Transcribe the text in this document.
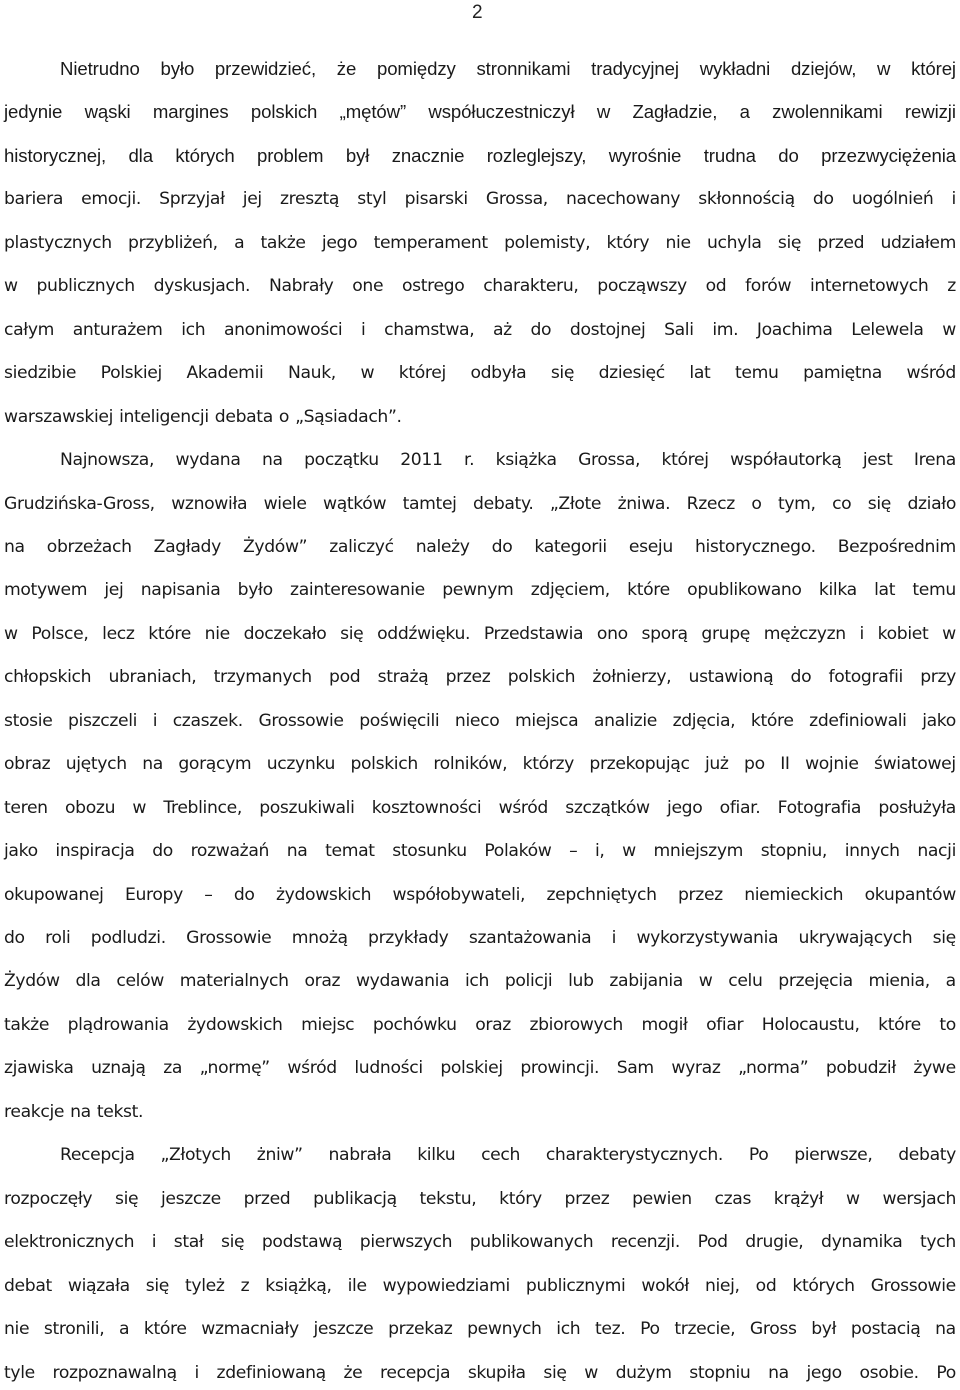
2
Nietrudno było przewidzieć, że pomiędzy stronnikami tradycyjnej wykładni dziejów, w której
jedynie wąski margines polskich „mętów” współuczestniczył w Zagładzie, a zwolennikami rewizji
historycznej, dla których problem był znacznie rozleglejszy, wyrośnie trudna do przezwyciężenia
bariera emocji. Sprzyjał jej zresztą styl pisarski Grossa, nacechowany skłonnością do uogólnień i
plastycznych przybliżeń, a także jego temperament polemisty, który nie uchyla się przed udziałem
w publicznych dyskusjach. Nabrały one ostrego charakteru, począwszy od forów internetowych z
całym anturażem ich anonimowości i chamstwa, aż do dostojnej Sali im. Joachima Lelewela w
siedzibie Polskiej Akademii Nauk, w której odbyła się dziesięć lat temu pamiętna wśród
warszawskiej inteligencji debata o „Sąsiadach”.
Najnowsza, wydana na początku 2011 r. książka Grossa, której współautorką jest Irena
Grudzińska-Gross, wznowiła wiele wątków tamtej debaty. „Złote żniwa. Rzecz o tym, co się działo
na obrzeżach Zagłady Żydów” zaliczyć należy do kategorii eseju historycznego. Bezpośrednim
motywem jej napisania było zainteresowanie pewnym zdjęciem, które opublikowano kilka lat temu
w Polsce, lecz które nie doczekało się oddźwięku. Przedstawia ono sporą grupę mężczyzn i kobiet w
chłopskich ubraniach, trzymanych pod strażą przez polskich żołnierzy, ustawioną do fotografii przy
stosie piszczeli i czaszek. Grossowie poświęcili nieco miejsca analizie zdjęcia, które zdefiniowali jako
obraz ujętych na gorącym uczynku polskich rolników, którzy przekopując już po II wojnie światowej
teren obozu w Treblince, poszukiwali kosztowności wśród szczątków jego ofiar. Fotografia posłużyła
jako inspiracja do rozważań na temat stosunku Polaków – i, w mniejszym stopniu, innych nacji
okupowanej Europy – do żydowskich współobywateli, zepchniętych przez niemieckich okupantów
do roli podludzi. Grossowie mnożą przykłady szantażowania i wykorzystywania ukrywających się
Żydów dla celów materialnych oraz wydawania ich policji lub zabijania w celu przejęcia mienia, a
także plądrowania żydowskich miejsc pochówku oraz zbiorowych mogił ofiar Holocaustu, które to
zjawiska uznają za „normę” wśród ludności polskiej prowincji. Sam wyraz „norma” pobudził żywe
reakcje na tekst.
Recepcja „Złotych żniw” nabrała kilku cech charakterystycznych. Po pierwsze, debaty
rozpoczęły się jeszcze przed publikacją tekstu, który przez pewien czas krążył w wersjach
elektronicznych i stał się podstawą pierwszych publikowanych recenzji. Pod drugie, dynamika tych
debat wiązała się tyleż z książką, ile wypowiedziami publicznymi wokół niej, od których Grossowie
nie stronili, a które wzmacniały jeszcze przekaz pewnych ich tez. Po trzecie, Gross był postacią na
tyle rozpoznawalną i zdefiniowaną że recepcja skupiła się w dużym stopniu na jego osobie. Po
